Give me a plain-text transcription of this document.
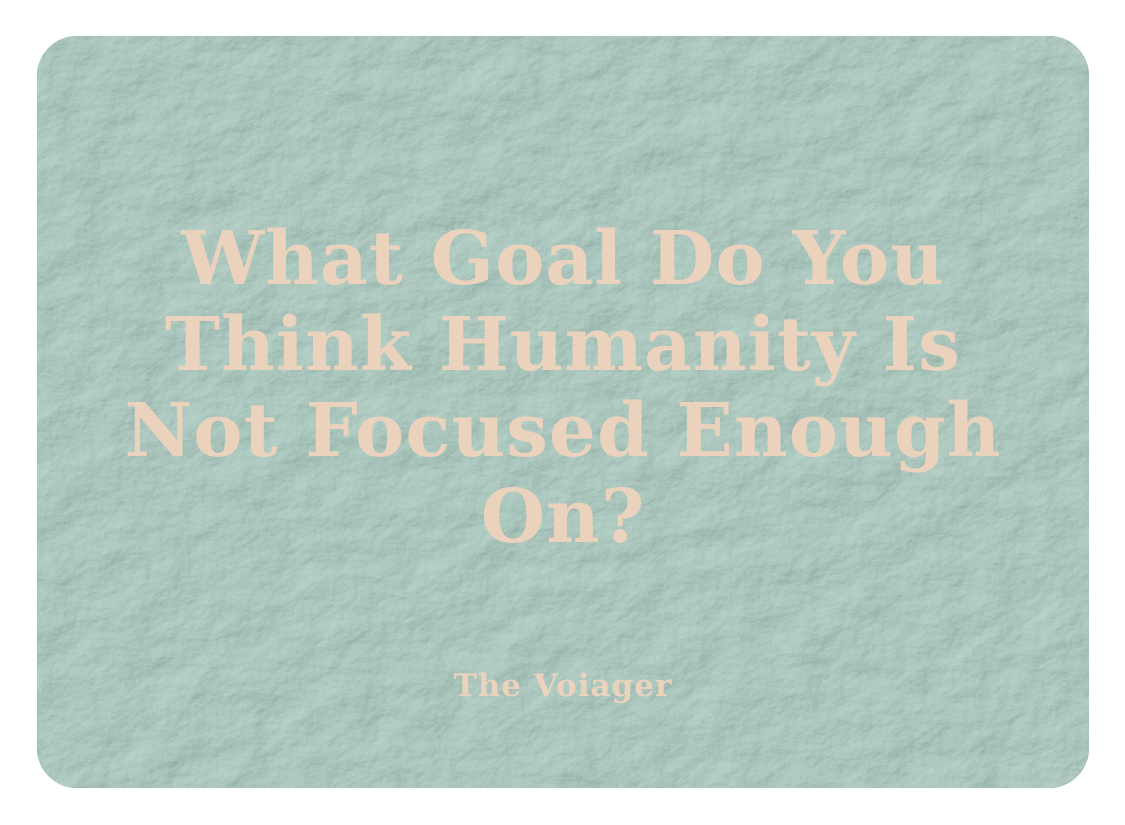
What Goal Do You
Think Humanity Is
Not Focused Enough
On?
The Voiager
